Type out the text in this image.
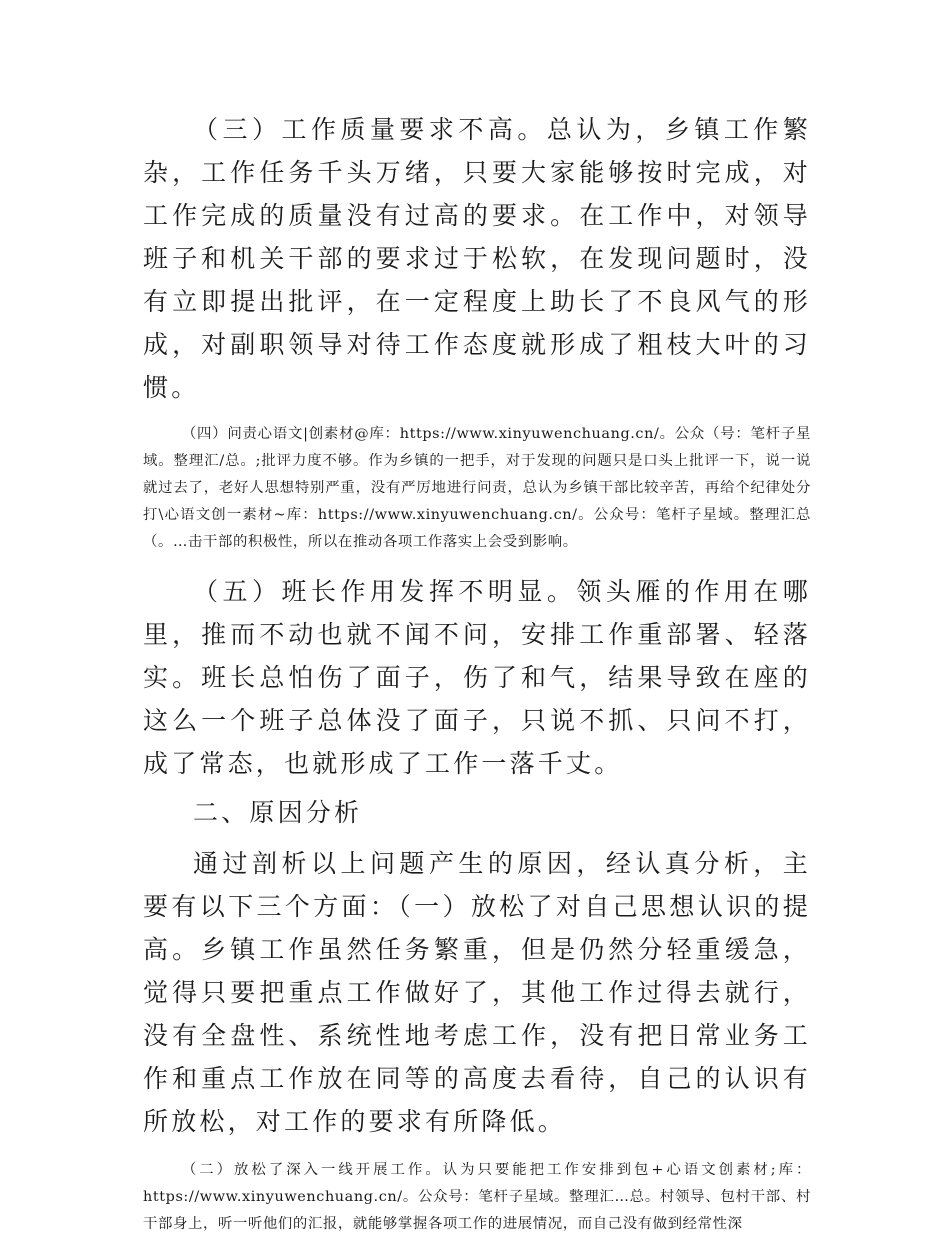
（三）工作质量要求不高。总认为，乡镇工作繁杂，工作任务千头万绪，只要大家能够按时完成，对工作完成的质量没有过高的要求。在工作中，对领导班子和机关干部的要求过于松软，在发现问题时，没有立即提出批评，在一定程度上助长了不良风气的形成，对副职领导对待工作态度就形成了粗枝大叶的习惯。

（四）问责心语文|创素材@库：https://www.xinyuwenchuang.cn/。公众（号：笔杆子星域。整理汇/总。;批评力度不够。作为乡镇的一把手，对于发现的问题只是口头上批评一下，说一说就过去了，老好人思想特别严重，没有严厉地进行问责，总认为乡镇干部比较辛苦，再给个纪律处分打\心语文创一素材~库：https://www.xinyuwenchuang.cn/。公众号：笔杆子星域。整理汇总（。…击干部的积极性，所以在推动各项工作落实上会受到影响。

（五）班长作用发挥不明显。领头雁的作用在哪里，推而不动也就不闻不问，安排工作重部署、轻落实。班长总怕伤了面子，伤了和气，结果导致在座的这么一个班子总体没了面子，只说不抓、只问不打，成了常态，也就形成了工作一落千丈。

二、原因分析

通过剖析以上问题产生的原因，经认真分析，主要有以下三个方面：（一）放松了对自己思想认识的提高。乡镇工作虽然任务繁重，但是仍然分轻重缓急，觉得只要把重点工作做好了，其他工作过得去就行，没有全盘性、系统性地考虑工作，没有把日常业务工作和重点工作放在同等的高度去看待，自己的认识有所放松，对工作的要求有所降低。

（二）放松了深入一线开展工作。认为只要能把工作安排到包+心语文创素材;库：https://www.xinyuwenchuang.cn/。公众号：笔杆子星域。整理汇…总。村领导、包村干部、村干部身上，听一听他们的汇报，就能够掌握各项工作的进展情况，而自己没有做到经常性深
